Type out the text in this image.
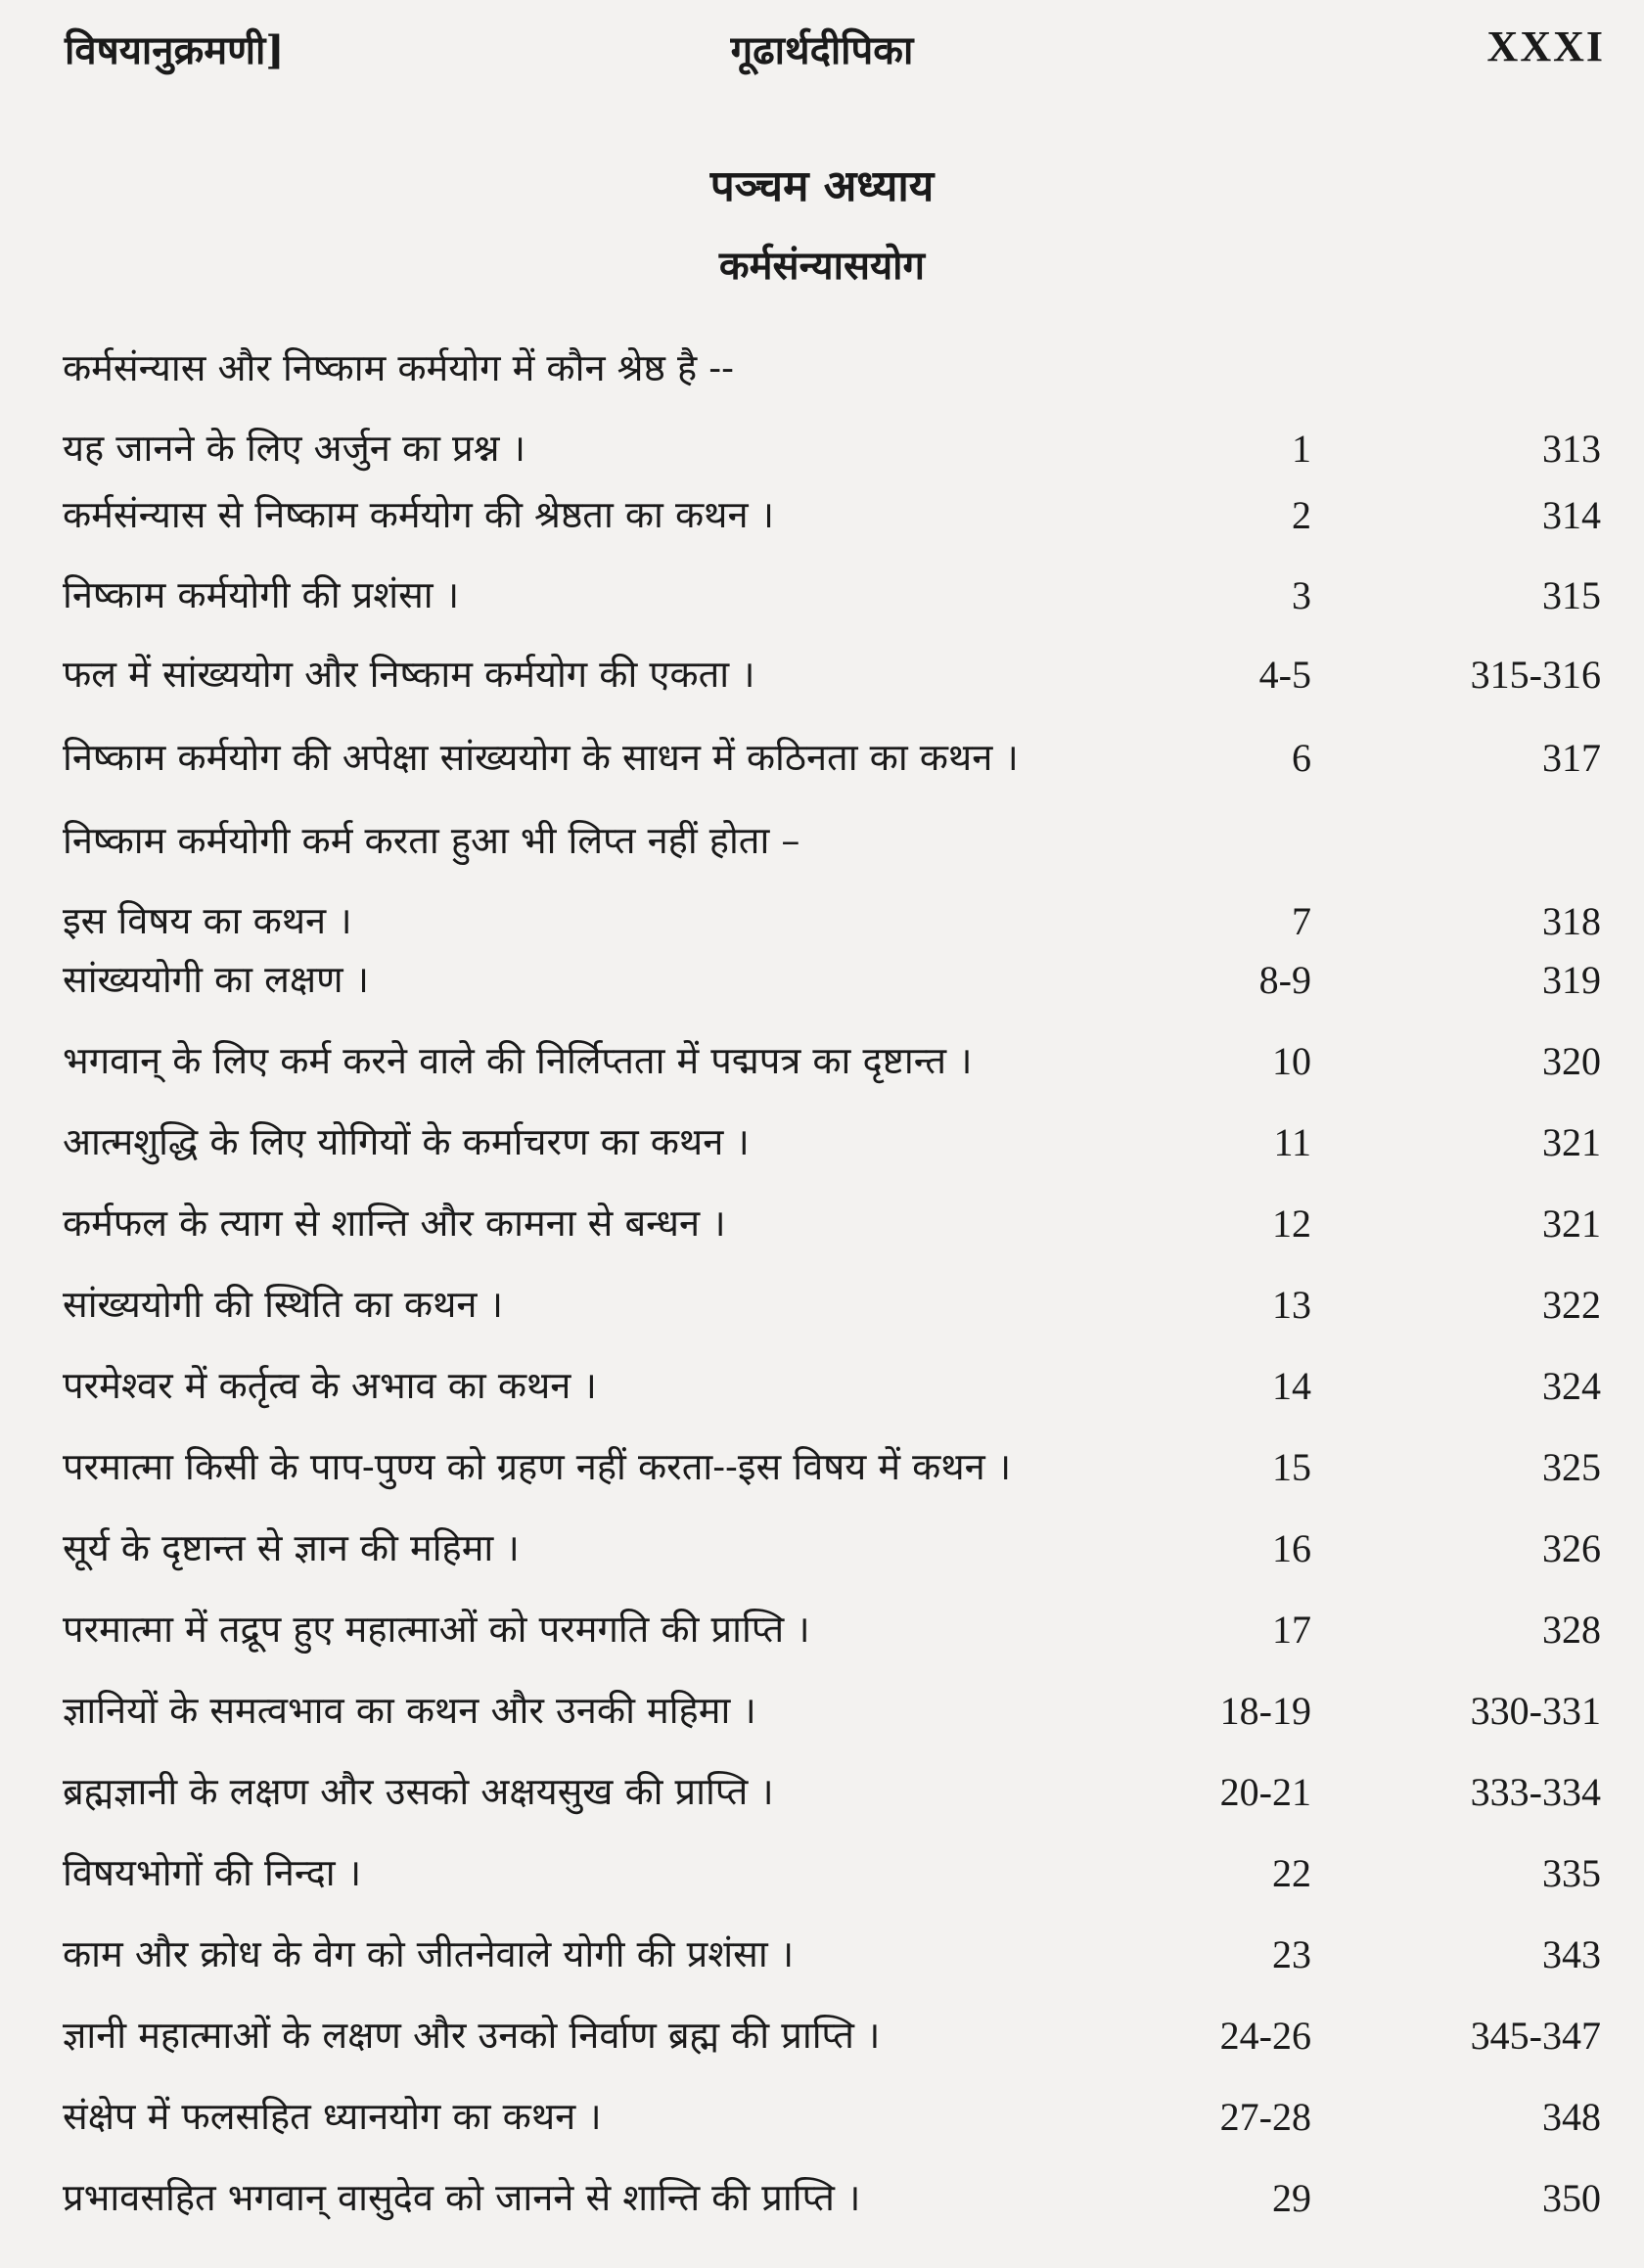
विषयानुक्रमणी]	गूढार्थदीपिका	XXXI
पञ्चम अध्याय
कर्मसंन्यासयोग
कर्मसंन्यास और निष्काम कर्मयोग में कौन श्रेष्ठ है --
यह जानने के लिए अर्जुन का प्रश्न ।	1	313
कर्मसंन्यास से निष्काम कर्मयोग की श्रेष्ठता का कथन ।	2	314
निष्काम कर्मयोगी की प्रशंसा ।	3	315
फल में सांख्ययोग और निष्काम कर्मयोग की एकता ।	4-5	315-316
निष्काम कर्मयोग की अपेक्षा सांख्ययोग के साधन में कठिनता का कथन ।	6	317
निष्काम कर्मयोगी कर्म करता हुआ भी लिप्त नहीं होता –
इस विषय का कथन ।	7	318
सांख्ययोगी का लक्षण ।	8-9	319
भगवान् के लिए कर्म करने वाले की निर्लिप्तता में पद्मपत्र का दृष्टान्त ।	10	320
आत्मशुद्धि के लिए योगियों के कर्माचरण का कथन ।	11	321
कर्मफल के त्याग से शान्ति और कामना से बन्धन ।	12	321
सांख्ययोगी की स्थिति का कथन ।	13	322
परमेश्वर में कर्तृत्व के अभाव का कथन ।	14	324
परमात्मा किसी के पाप-पुण्य को ग्रहण नहीं करता--इस विषय में कथन ।	15	325
सूर्य के दृष्टान्त से ज्ञान की महिमा ।	16	326
परमात्मा में तद्रूप हुए महात्माओं को परमगति की प्राप्ति ।	17	328
ज्ञानियों के समत्वभाव का कथन और उनकी महिमा ।	18-19	330-331
ब्रह्मज्ञानी के लक्षण और उसको अक्षयसुख की प्राप्ति ।	20-21	333-334
विषयभोगों की निन्दा ।	22	335
काम और क्रोध के वेग को जीतनेवाले योगी की प्रशंसा ।	23	343
ज्ञानी महात्माओं के लक्षण और उनको निर्वाण ब्रह्म की प्राप्ति ।	24-26	345-347
संक्षेप में फलसहित ध्यानयोग का कथन ।	27-28	348
प्रभावसहित भगवान् वासुदेव को जानने से शान्ति की प्राप्ति ।	29	350
